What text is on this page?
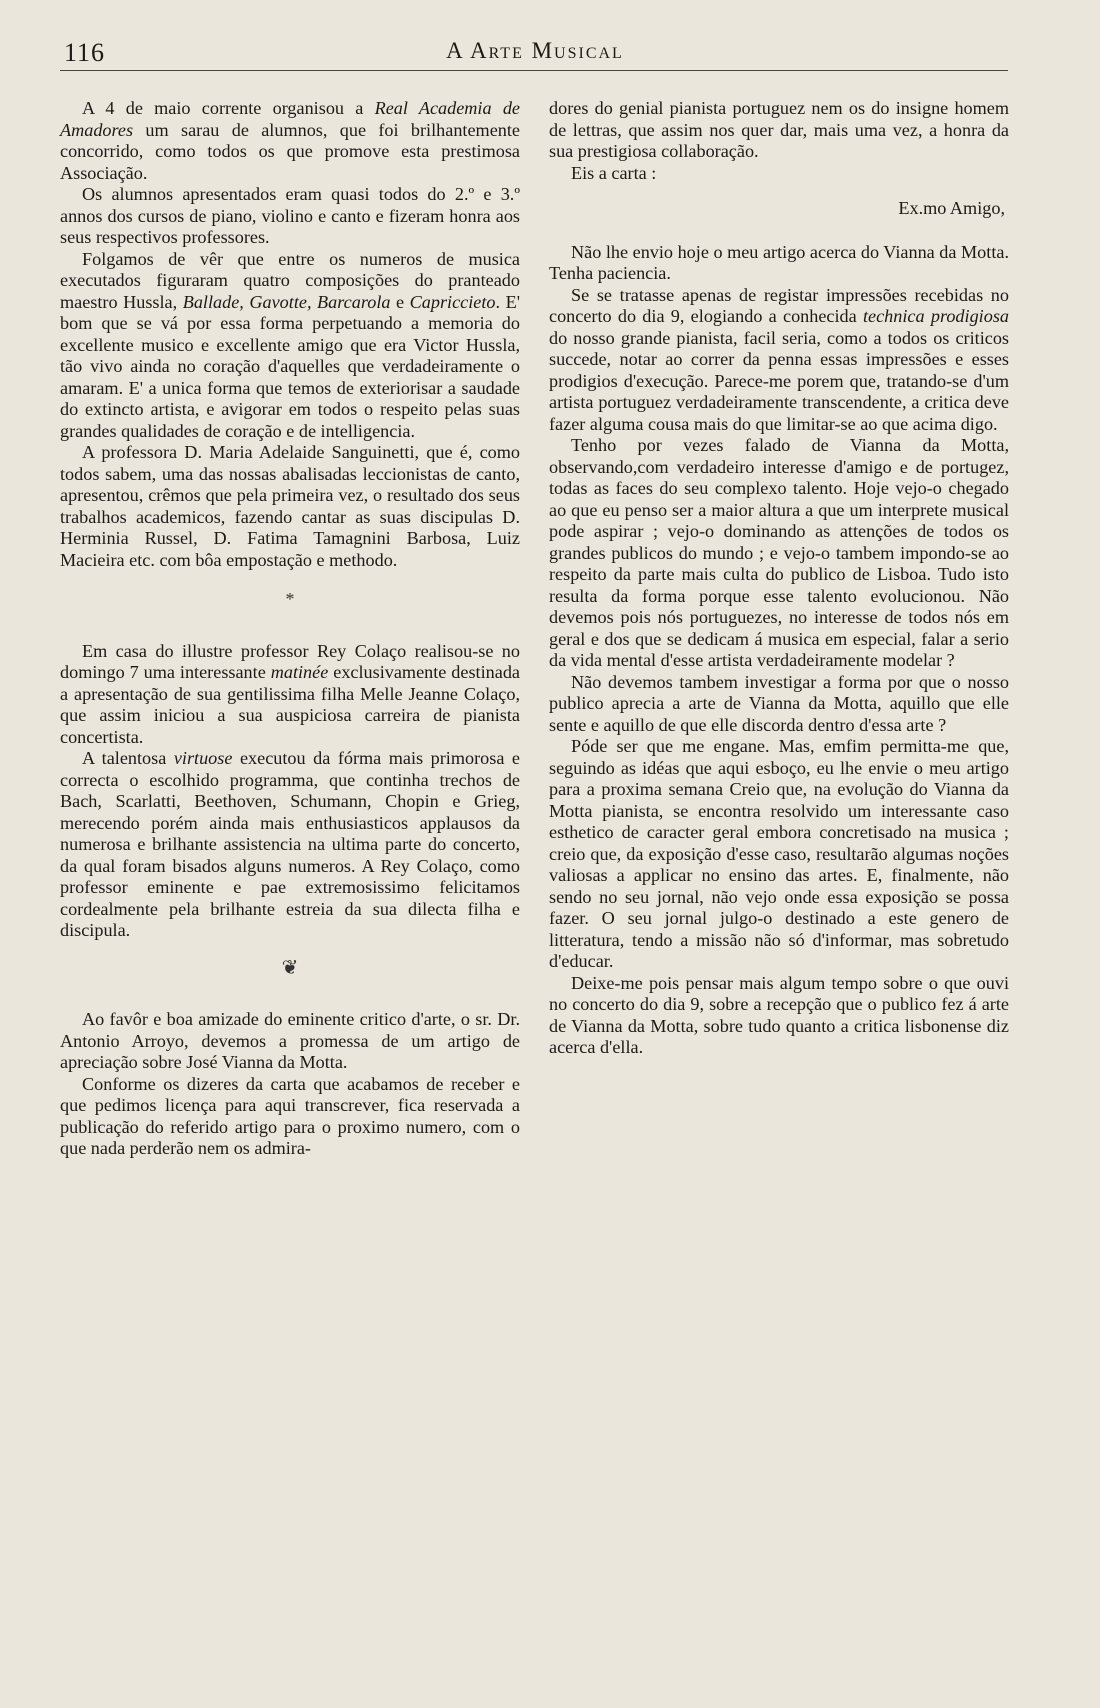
116	A Arte Musical

A 4 de maio corrente organisou a Real Academia de Amadores um sarau de alumnos, que foi brilhantemente concorrido, como todos os que promove esta prestimosa Associação.

Os alumnos apresentados eram quasi todos do 2.º e 3.º annos dos cursos de piano, violino e canto e fizeram honra aos seus respectivos professores.

Folgamos de vêr que entre os numeros de musica executados figuraram quatro composições do pranteado maestro Hussla, Ballade, Gavotte, Barcarola e Capriccieto. E' bom que se vá por essa forma perpetuando a memoria do excellente musico e excellente amigo que era Victor Hussla, tão vivo ainda no coração d'aquelles que verdadeiramente o amaram. E' a unica forma que temos de exteriorisar a saudade do extincto artista, e avigorar em todos o respeito pelas suas grandes qualidades de coração e de intelligencia.

A professora D. Maria Adelaide Sanguinetti, que é, como todos sabem, uma das nossas abalisadas leccionistas de canto, apresentou, crêmos que pela primeira vez, o resultado dos seus trabalhos academicos, fazendo cantar as suas discipulas D. Herminia Russel, D. Fatima Tamagnini Barbosa, Luiz Macieira etc. com bôa empostação e methodo.

*

Em casa do illustre professor Rey Colaço realisou-se no domingo 7 uma interessante matinée exclusivamente destinada a apresentação de sua gentilissima filha Melle Jeanne Colaço, que assim iniciou a sua auspiciosa carreira de pianista concertista.

A talentosa virtuose executou da fórma mais primorosa e correcta o escolhido programma, que continha trechos de Bach, Scarlatti, Beethoven, Schumann, Chopin e Grieg, merecendo porém ainda mais enthusiasticos applausos da numerosa e brilhante assistencia na ultima parte do concerto, da qual foram bisados alguns numeros. A Rey Colaço, como professor eminente e pae extremosissimo felicitamos cordealmente pela brilhante estreia da sua dilecta filha e discipula.

❦

Ao favôr e boa amizade do eminente critico d'arte, o sr. Dr. Antonio Arroyo, devemos a promessa de um artigo de apreciação sobre José Vianna da Motta.

Conforme os dizeres da carta que acabamos de receber e que pedimos licença para aqui transcrever, fica reservada a publicação do referido artigo para o proximo numero, com o que nada perderão nem os admira-

dores do genial pianista portuguez nem os do insigne homem de lettras, que assim nos quer dar, mais uma vez, a honra da sua prestigiosa collaboração.

Eis a carta :

Ex.mo Amigo,

Não lhe envio hoje o meu artigo acerca do Vianna da Motta. Tenha paciencia.

Se se tratasse apenas de registar impressões recebidas no concerto do dia 9, elogiando a conhecida technica prodigiosa do nosso grande pianista, facil seria, como a todos os criticos succede, notar ao correr da penna essas impressões e esses prodigios d'execução. Parece-me porem que, tratando-se d'um artista portuguez verdadeiramente transcendente, a critica deve fazer alguma cousa mais do que limitar-se ao que acima digo.

Tenho por vezes falado de Vianna da Motta, observando,com verdadeiro interesse d'amigo e de portugez, todas as faces do seu complexo talento. Hoje vejo-o chegado ao que eu penso ser a maior altura a que um interprete musical pode aspirar ; vejo-o dominando as attenções de todos os grandes publicos do mundo ; e vejo-o tambem impondo-se ao respeito da parte mais culta do publico de Lisboa. Tudo isto resulta da forma porque esse talento evolucionou. Não devemos pois nós portuguezes, no interesse de todos nós em geral e dos que se dedicam á musica em especial, falar a serio da vida mental d'esse artista verdadeiramente modelar ?

Não devemos tambem investigar a forma por que o nosso publico aprecia a arte de Vianna da Motta, aquillo que elle sente e aquillo de que elle discorda dentro d'essa arte ?

Póde ser que me engane. Mas, emfim permitta-me que, seguindo as idéas que aqui esboço, eu lhe envie o meu artigo para a proxima semana Creio que, na evolução do Vianna da Motta pianista, se encontra resolvido um interessante caso esthetico de caracter geral embora concretisado na musica ; creio que, da exposição d'esse caso, resultarão algumas noções valiosas a applicar no ensino das artes. E, finalmente, não sendo no seu jornal, não vejo onde essa exposição se possa fazer. O seu jornal julgo-o destinado a este genero de litteratura, tendo a missão não só d'informar, mas sobretudo d'educar.

Deixe-me pois pensar mais algum tempo sobre o que ouvi no concerto do dia 9, sobre a recepção que o publico fez á arte de Vianna da Motta, sobre tudo quanto a critica lisbonense diz acerca d'ella.
